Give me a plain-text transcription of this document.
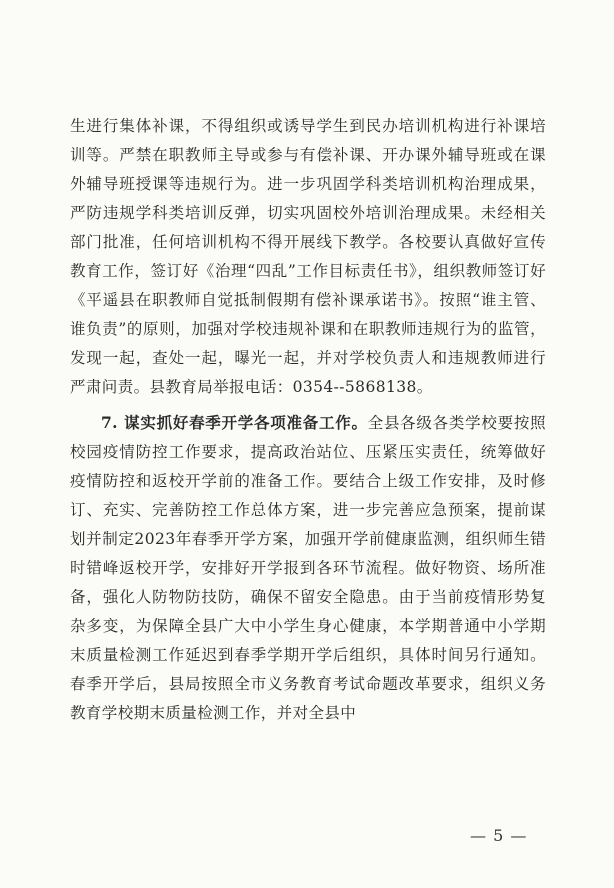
生进行集体补课，不得组织或诱导学生到民办培训机构进行补课培训等。严禁在职教师主导或参与有偿补课、开办课外辅导班或在课外辅导班授课等违规行为。进一步巩固学科类培训机构治理成果，严防违规学科类培训反弹，切实巩固校外培训治理成果。未经相关部门批准，任何培训机构不得开展线下教学。各校要认真做好宣传教育工作，签订好《治理“四乱”工作目标责任书》，组织教师签订好《平遥县在职教师自觉抵制假期有偿补课承诺书》。按照“谁主管、谁负责”的原则，加强对学校违规补课和在职教师违规行为的监管，发现一起，查处一起，曝光一起，并对学校负责人和违规教师进行严肃问责。县教育局举报电话：0354--5868138。

7. 谋实抓好春季开学各项准备工作。全县各级各类学校要按照校园疫情防控工作要求，提高政治站位、压紧压实责任，统筹做好疫情防控和返校开学前的准备工作。要结合上级工作安排，及时修订、充实、完善防控工作总体方案，进一步完善应急预案，提前谋划并制定2023年春季开学方案，加强开学前健康监测，组织师生错时错峰返校开学，安排好开学报到各环节流程。做好物资、场所准备，强化人防物防技防，确保不留安全隐患。由于当前疫情形势复杂多变，为保障全县广大中小学生身心健康，本学期普通中小学期末质量检测工作延迟到春季学期开学后组织，具体时间另行通知。春季开学后，县局按照全市义务教育考试命题改革要求，组织义务教育学校期末质量检测工作，并对全县中

— 5 —
